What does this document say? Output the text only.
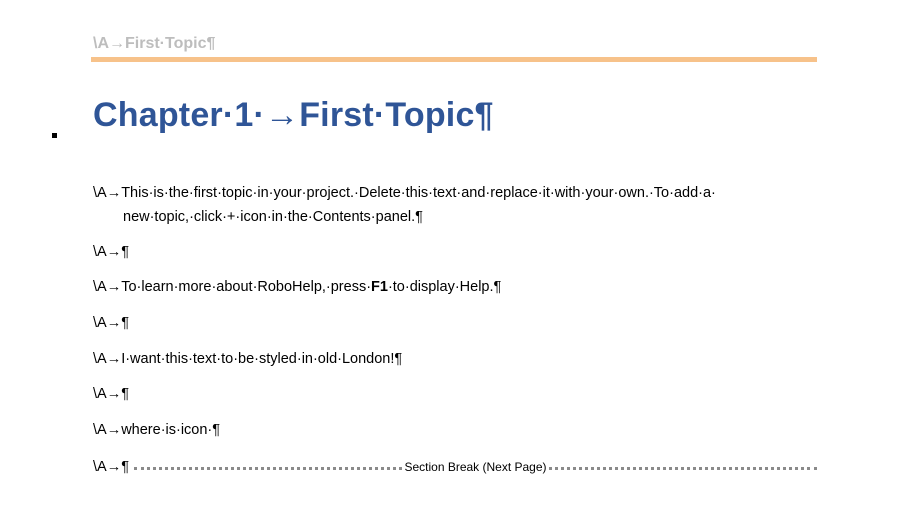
\A→First·Topic¶
Chapter·1·→First·Topic¶
\A→This·is·the·first·topic·in·your·project.·Delete·this·text·and·replace·it·with·your·own.·To·add·a·
new·topic,·click·+·icon·in·the·Contents·panel.¶
\A→¶
\A→To·learn·more·about·RoboHelp,·press·F1·to·display·Help.¶
\A→¶
\A→I·want·this·text·to·be·styled·in·old·London!¶
\A→¶
\A→where·is·icon·¶
\A→¶	Section Break (Next Page)
